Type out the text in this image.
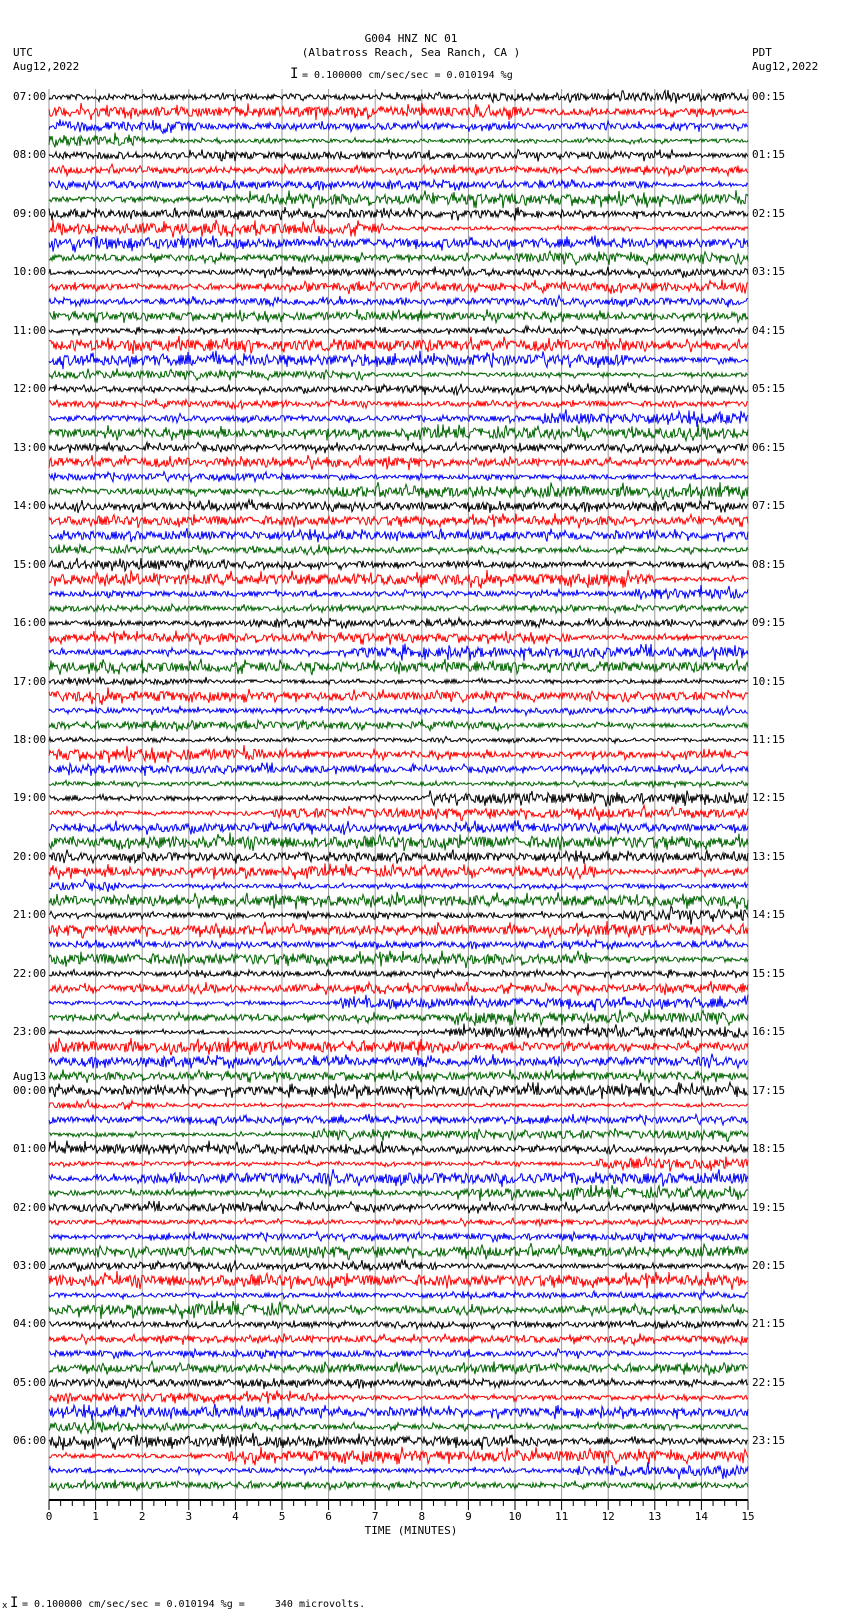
G004 HNZ NC 01
(Albatross Reach, Sea Ranch, CA )
UTC
Aug12,2022
PDT
Aug12,2022
I = 0.100000 cm/sec/sec = 0.010194 %g
0	1	2	3	4	5	6	7	8	9	10	11	12	13	14	15
07:00
08:00
09:00
10:00
11:00
12:00
13:00
14:00
15:00
16:00
17:00
18:00
19:00
20:00
21:00
22:00
23:00
00:00
01:00
02:00
03:00
04:00
05:00
06:00
00:15
01:15
02:15
03:15
04:15
05:15
06:15
07:15
08:15
09:15
10:15
11:15
12:15
13:15
14:15
15:15
16:15
17:15
18:15
19:15
20:15
21:15
22:15
23:15
Aug13
TIME (MINUTES)
x I = 0.100000 cm/sec/sec = 0.010194 %g =     340 microvolts.
